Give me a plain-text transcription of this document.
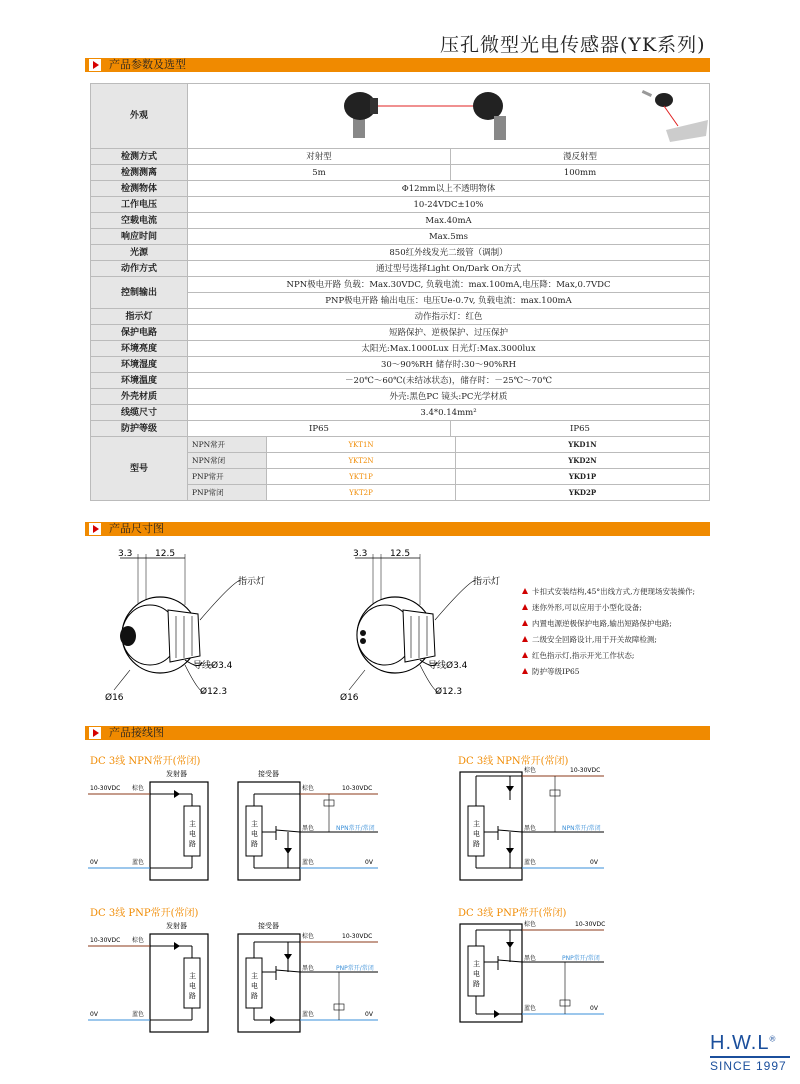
压孔微型光电传感器(YK系列)
产品参数及选型
外观	

检测方式	对射型	漫反射型
检测测离	5m	100mm
检测物体	Φ12mm以上不透明物体
工作电压	10-24VDC±10%
空载电流	Max.40mA
响应时间	Max.5ms
光源	850红外线发光二级管（调制）
动作方式	通过型号选择Light On/Dark On方式
控制输出	NPN极电开路 负载：Max.30VDC, 负载电流：max.100mA,电压降：Max,0.7VDC
PNP极电开路 输出电压：电压Ue-0.7v, 负载电流：max.100mA
指示灯	动作指示灯：红色
保护电路	短路保护、逆极保护、过压保护
环境亮度	太阳光:Max.1000Lux 日光灯:Max.3000lux
环境湿度	30～90%RH 储存时:30～90%RH
环境温度	－20℃～60℃(未结冰状态)，储存时：－25℃～70℃
外壳材质	外壳:黑色PC 镜头:PC光学材质
线缆尺寸	3.4*0.14mm²
防护等级	IP65	IP65
型号	
NPN常开	YKT1N	YKD1N

NPN常闭	YKT2N	YKD2N

PNP常开	YKT1P	YKD1P

PNP常闭	YKT2P	YKD2P
产品尺寸图
3.3	12.5
指示灯
导线Ø3.4
Ø16
Ø12.3
3.3	12.5
指示灯
导线Ø3.4
Ø16
Ø12.3
卡扣式安装结构,45°出线方式,方便现场安装操作;
迷你外形,可以应用于小型化设备;
内置电源逆极保护电路,输出短路保护电路;
二级安全回路设计,用于开关故障检测;
红色指示灯,指示开光工作状态;
防护等级IP65
产品接线图
DC 3线 NPN常开(常闭)	DC 3线 NPN常开(常闭)
DC 3线 PNP常开(常闭)	DC 3线 PNP常开(常闭)
发射器
10-30VDC
0V
棕色
蓝色
主
电
路
接受器
棕色
黑色
蓝色
10-30VDC
NPN常开/常闭
0V
主
电
路
棕色
黑色
蓝色
10-30VDC
NPN常开/常闭
0V
主
电
路
发射器
10-30VDC
0V
棕色
蓝色
主
电
路
接受器
棕色
黑色
蓝色
10-30VDC
PNP常开/常闭
0V
主
电
路
棕色
黑色
蓝色
10-30VDC
PNP常开/常闭
0V
主
电
路
H.W.L®
SINCE 1997
